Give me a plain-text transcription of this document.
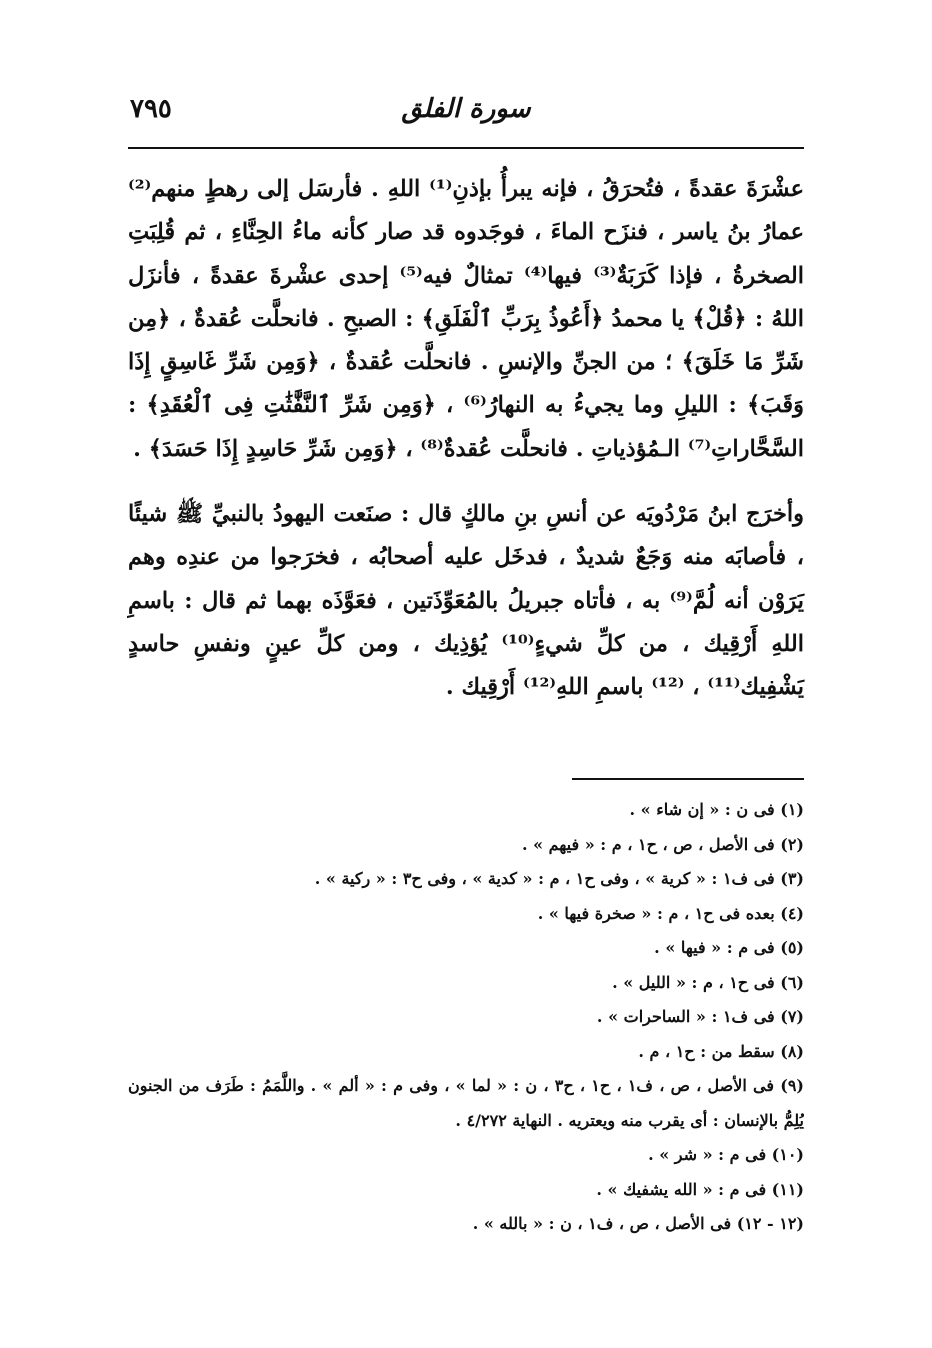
سورة الفلق
٧٩٥

عشْرَةَ عقدةً ، فتُحرَقُ ، فإنه يبرأُ بإذنِ⁽¹⁾ اللهِ . فأرسَل إلى رهطٍ منهم⁽²⁾ عمارُ بنُ ياسر ، فنزَح الماءَ ، فوجَدوه قد صار كأنه ماءُ الحِنَّاءِ ، ثم قُلِبَتِ الصخرةُ ، فإذا كَرَبَةٌ⁽³⁾ فيها⁽⁴⁾ تمثالٌ فيه⁽⁵⁾ إحدى عشْرةَ عقدةً ، فأنزَل اللهُ : ﴿قُلْ﴾ يا محمدُ ﴿أَعُوذُ بِرَبِّ ٱلْفَلَقِ﴾ : الصبحِ . فانحلَّت عُقدةٌ ، ﴿مِن شَرِّ مَا خَلَقَ﴾ ؛ من الجنِّ والإنسِ . فانحلَّت عُقدةٌ ، ﴿وَمِن شَرِّ غَاسِقٍ إِذَا وَقَبَ﴾ : الليلِ وما يجيءُ به النهارُ⁽⁶⁾ ، ﴿وَمِن شَرِّ ٱلنَّفَّٰثَٰتِ فِى ٱلْعُقَدِ﴾ : السَّحَّاراتِ⁽⁷⁾ الـمُؤذياتِ . فانحلَّت عُقدةٌ⁽⁸⁾ ، ﴿وَمِن شَرِّ حَاسِدٍ إِذَا حَسَدَ﴾ .

وأخرَج ابنُ مَرْدُويَه عن أنسِ بنِ مالكٍ قال : صنَعت اليهودُ بالنبيِّ ﷺ شيئًا ، فأصابَه منه وَجَعٌ شديدٌ ، فدخَل عليه أصحابُه ، فخرَجوا من عندِه وهم يَرَوْن أنه لُمَّ⁽⁹⁾ به ، فأتاه جبريلُ بالمُعَوِّذَتين ، فعَوَّذَه بهما ثم قال : باسمِ اللهِ أَرْقِيك ، من كلِّ شيءٍ⁽¹⁰⁾ يُؤذِيك ، ومن كلِّ عينٍ ونفسِ حاسدٍ يَشْفِيك⁽¹¹⁾ ، ⁽¹²⁾ باسمِ اللهِ⁽¹²⁾ أَرْقِيك .

(١) فى ن : « إن شاء » .
(٢) فى الأصل ، ص ، ح١ ، م : « فيهم » .
(٣) فى ف١ : « كرية » ، وفى ح١ ، م : « كدية » ، وفى ح٣ : « ركية » .
(٤) بعده فى ح١ ، م : « صخرة فيها » .
(٥) فى م : « فيها » .
(٦) فى ح١ ، م : « الليل » .
(٧) فى ف١ : « الساحرات » .
(٨) سقط من : ح١ ، م .
(٩) فى الأصل ، ص ، ف١ ، ح١ ، ح٣ ، ن : « لما » ، وفى م : « ألم » . واللَّمَمُ : طَرَف من الجنون يُلِمُّ بالإنسان : أى يقرب منه ويعتريه . النهاية ٤/٢٧٢ .
(١٠) فى م : « شر » .
(١١) فى م : « الله يشفيك » .
(١٢ - ١٢) فى الأصل ، ص ، ف١ ، ن : « بالله » .
